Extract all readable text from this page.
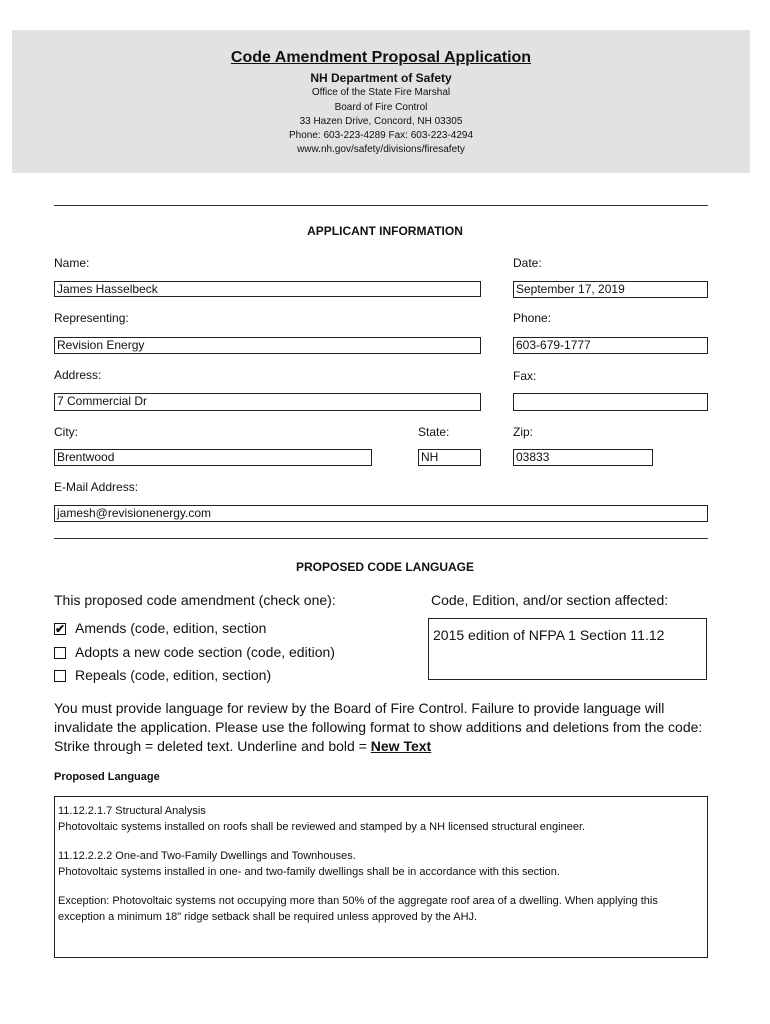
Code Amendment Proposal Application
NH Department of Safety
Office of the State Fire Marshal
Board of Fire Control
33 Hazen Drive, Concord, NH 03305
Phone: 603-223-4289 Fax: 603-223-4294
www.nh.gov/safety/divisions/firesafety
APPLICANT INFORMATION
Name:	Date:
James Hasselbeck	September 17, 2019
Representing:	Phone:
Revision Energy	603-679-1777
Address:	Fax:
7 Commercial Dr
City:	State:	Zip:
Brentwood	NH	03833
E-Mail Address:
jamesh@revisionenergy.com
PROPOSED CODE LANGUAGE
This proposed code amendment (check one):	Code, Edition, and/or section affected:
✔ Amends (code, edition, section
Adopts a new code section (code, edition)
Repeals (code, edition, section)
2015 edition of NFPA 1 Section 11.12
You must provide language for review by the Board of Fire Control. Failure to provide language will invalidate the application. Please use the following format to show additions and deletions from the code: Strike through = deleted text. Underline and bold = New Text
Proposed Language

11.12.2.1.7 Structural Analysis

Photovoltaic systems installed on roofs shall be reviewed and stamped by a NH licensed structural engineer.

11.12.2.2.2 One-and Two-Family Dwellings and Townhouses.

Photovoltaic systems installed in one- and two-family dwellings shall be in accordance with this section.

Exception: Photovoltaic systems not occupying more than 50% of the aggregate roof area of a dwelling. When applying this exception a minimum 18" ridge setback shall be required unless approved by the AHJ.
